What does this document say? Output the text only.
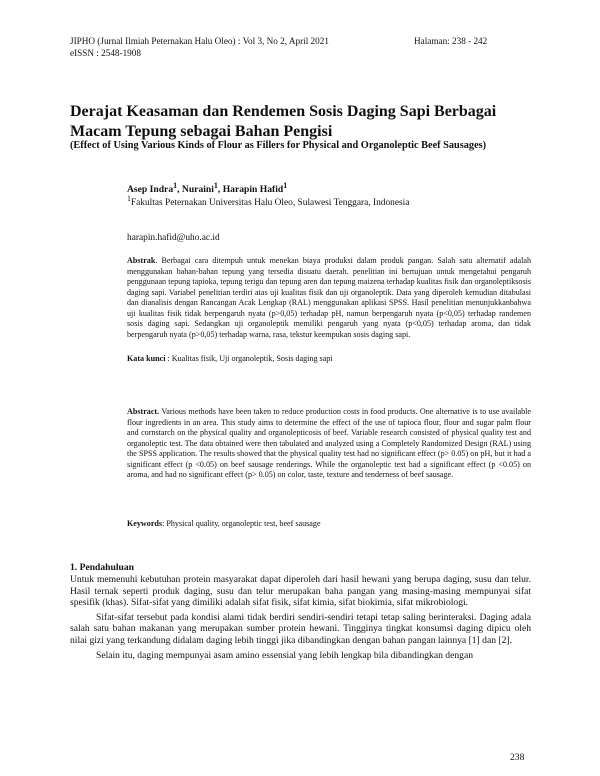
JIPHO (Jurnal Ilmiah Peternakan Halu Oleo) : Vol 3, No 2, April 2021
eISSN : 2548-1908
Halaman: 238 - 242
Derajat Keasaman dan Rendemen Sosis Daging Sapi Berbagai Macam Tepung sebagai Bahan Pengisi
(Effect of Using Various Kinds of Flour as Fillers for Physical and Organoleptic Beef Sausages)
Asep Indra$^1$, Nuraini$^1$, Harapin Hafid$^1$
$^1$Fakultas Peternakan Universitas Halu Oleo, Sulawesi Tenggara, Indonesia
harapin.hafid@uho.ac.id
Abstrak. Berbagai cara ditempuh untuk menekan biaya produksi dalam produk pangan. Salah satu alternatif adalah menggunakan bahan-bahan tepung yang tersedia disuatu daerah. penelitian ini bertujuan untuk mengetahui pengaruh penggunaan tepung tapioka, tepung terigu dan tepung aren dan tepung maizena terhadap kualitas fisik dan organoleptiksosis daging sapi. Variabel penelitian terdiri atas uji kualitas fisik dan uji organoleptik. Data yang diperoleh kemudian ditabulasi dan dianalisis dengan Rancangan Acak Lengkap (RAL) menggunakan aplikasi SPSS. Hasil penelitian menunjukkanbahwa uji kualitas fisik tidak berpengaruh nyata (p>0,05) terhadap pH, namun berpengaruh nyata (p<0,05) terhadap randemen sosis daging sapi. Sedangkan uji organoleptik memiliki pengaruh yang nyata (p<0,05) terhadap aroma, dan tidak berpengaruh nyata (p>0,05) terhadap warna, rasa, tekstur keempukan sosis daging sapi.
Kata kunci : Kualitas fisik, Uji organoleptik, Sosis daging sapi
Abstract. Various methods have been taken to reduce production costs in food products. One alternative is to use available flour ingredients in an area. This study aims to determine the effect of the use of tapioca flour, flour and sugar palm flour and cornstarch on the physical quality and organolepticosis of beef. Variable research consisted of physical quality test and organoleptic test. The data obtained were then tabulated and analyzed using a Completely Randomized Design (RAL) using the SPSS application. The results showed that the physical quality test had no significant effect (p> 0.05) on pH, but it had a significant effect (p <0.05) on beef sausage renderings. While the organoleptic test had a significant effect (p <0.05) on aroma, and had no significant effect (p> 0.05) on color, taste, texture and tenderness of beef sausage.
Keywords: Physical quality, organoleptic test, beef sausage
1. Pendahuluan

Untuk memenuhi kebutuhan protein masyarakat dapat diperoleh dari hasil hewani yang berupa daging, susu dan telur. Hasil ternak seperti produk daging, susu dan telur merupakan baha pangan yang masing-masing mempunyai sifat spesifik (khas). Sifat-sifat yang dimiliki adalah sifat fisik, sifat kimia, sifat biokimia, sifat mikrobiologi.

Sifat-sifat tersebut pada kondisi alami tidak berdiri sendiri-sendiri tetapi tetap saling berinteraksi. Daging adala salah satu bahan makanan yang merupakan sumber protein hewani. Tingginya tingkat konsumsi daging dipicu oleh nilai gizi yang terkandung didalam daging lebih tinggi jika dibandingkan dengan bahan pangan lainnya [1] dan [2].

Selain itu, daging mempunyai asam amino essensial yang lebih lengkap bila dibandingkan dengan

238
